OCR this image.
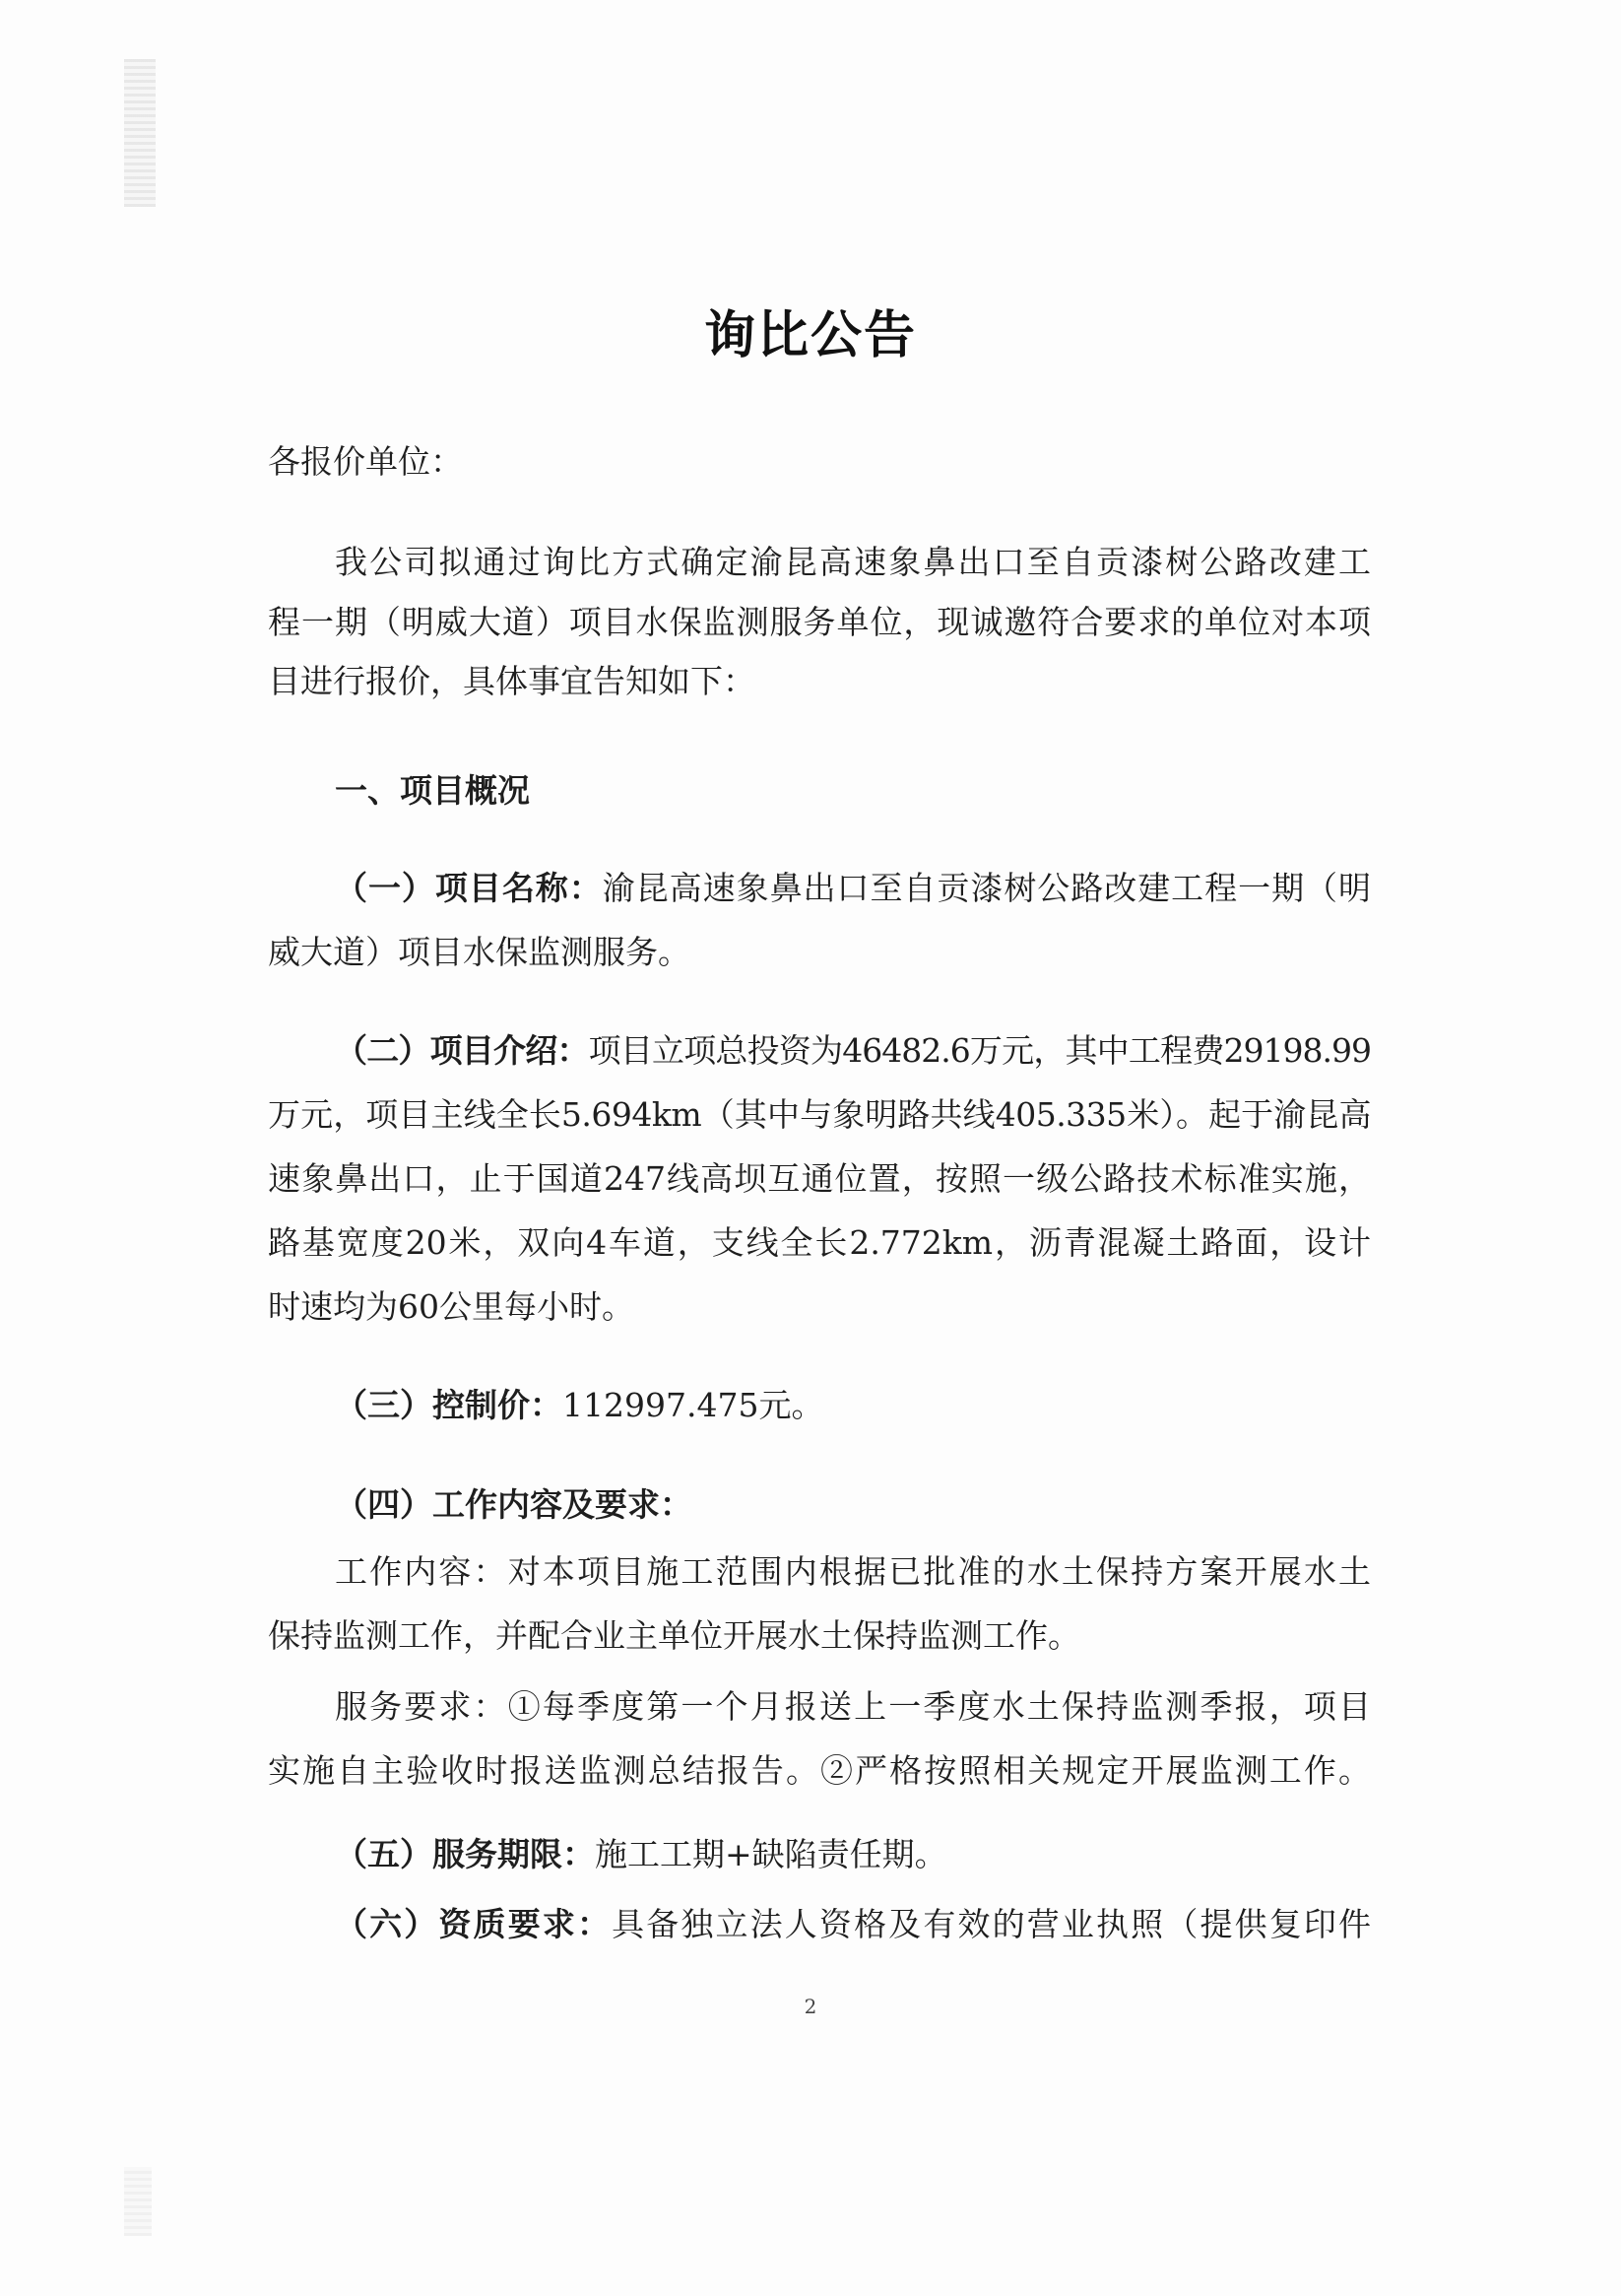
询比公告
各报价单位：
我公司拟通过询比方式确定渝昆高速象鼻出口至自贡漆树公路改建工
程一期（明威大道）项目水保监测服务单位，现诚邀符合要求的单位对本项
目进行报价，具体事宜告知如下：
一、项目概况
（一）项目名称：渝昆高速象鼻出口至自贡漆树公路改建工程一期（明
威大道）项目水保监测服务。
（二）项目介绍：项目立项总投资为46482.6万元，其中工程费29198.99
万元，项目主线全长5.694km（其中与象明路共线405.335米）。起于渝昆高
速象鼻出口，止于国道247线高坝互通位置，按照一级公路技术标准实施，
路基宽度20米，双向4车道，支线全长2.772km，沥青混凝土路面，设计
时速均为60公里每小时。
（三）控制价：112997.475元。
（四）工作内容及要求：
工作内容：对本项目施工范围内根据已批准的水土保持方案开展水土
保持监测工作，并配合业主单位开展水土保持监测工作。
服务要求：①每季度第一个月报送上一季度水土保持监测季报，项目
实施自主验收时报送监测总结报告。②严格按照相关规定开展监测工作。
（五）服务期限：施工工期+缺陷责任期。
（六）资质要求：具备独立法人资格及有效的营业执照（提供复印件
2
